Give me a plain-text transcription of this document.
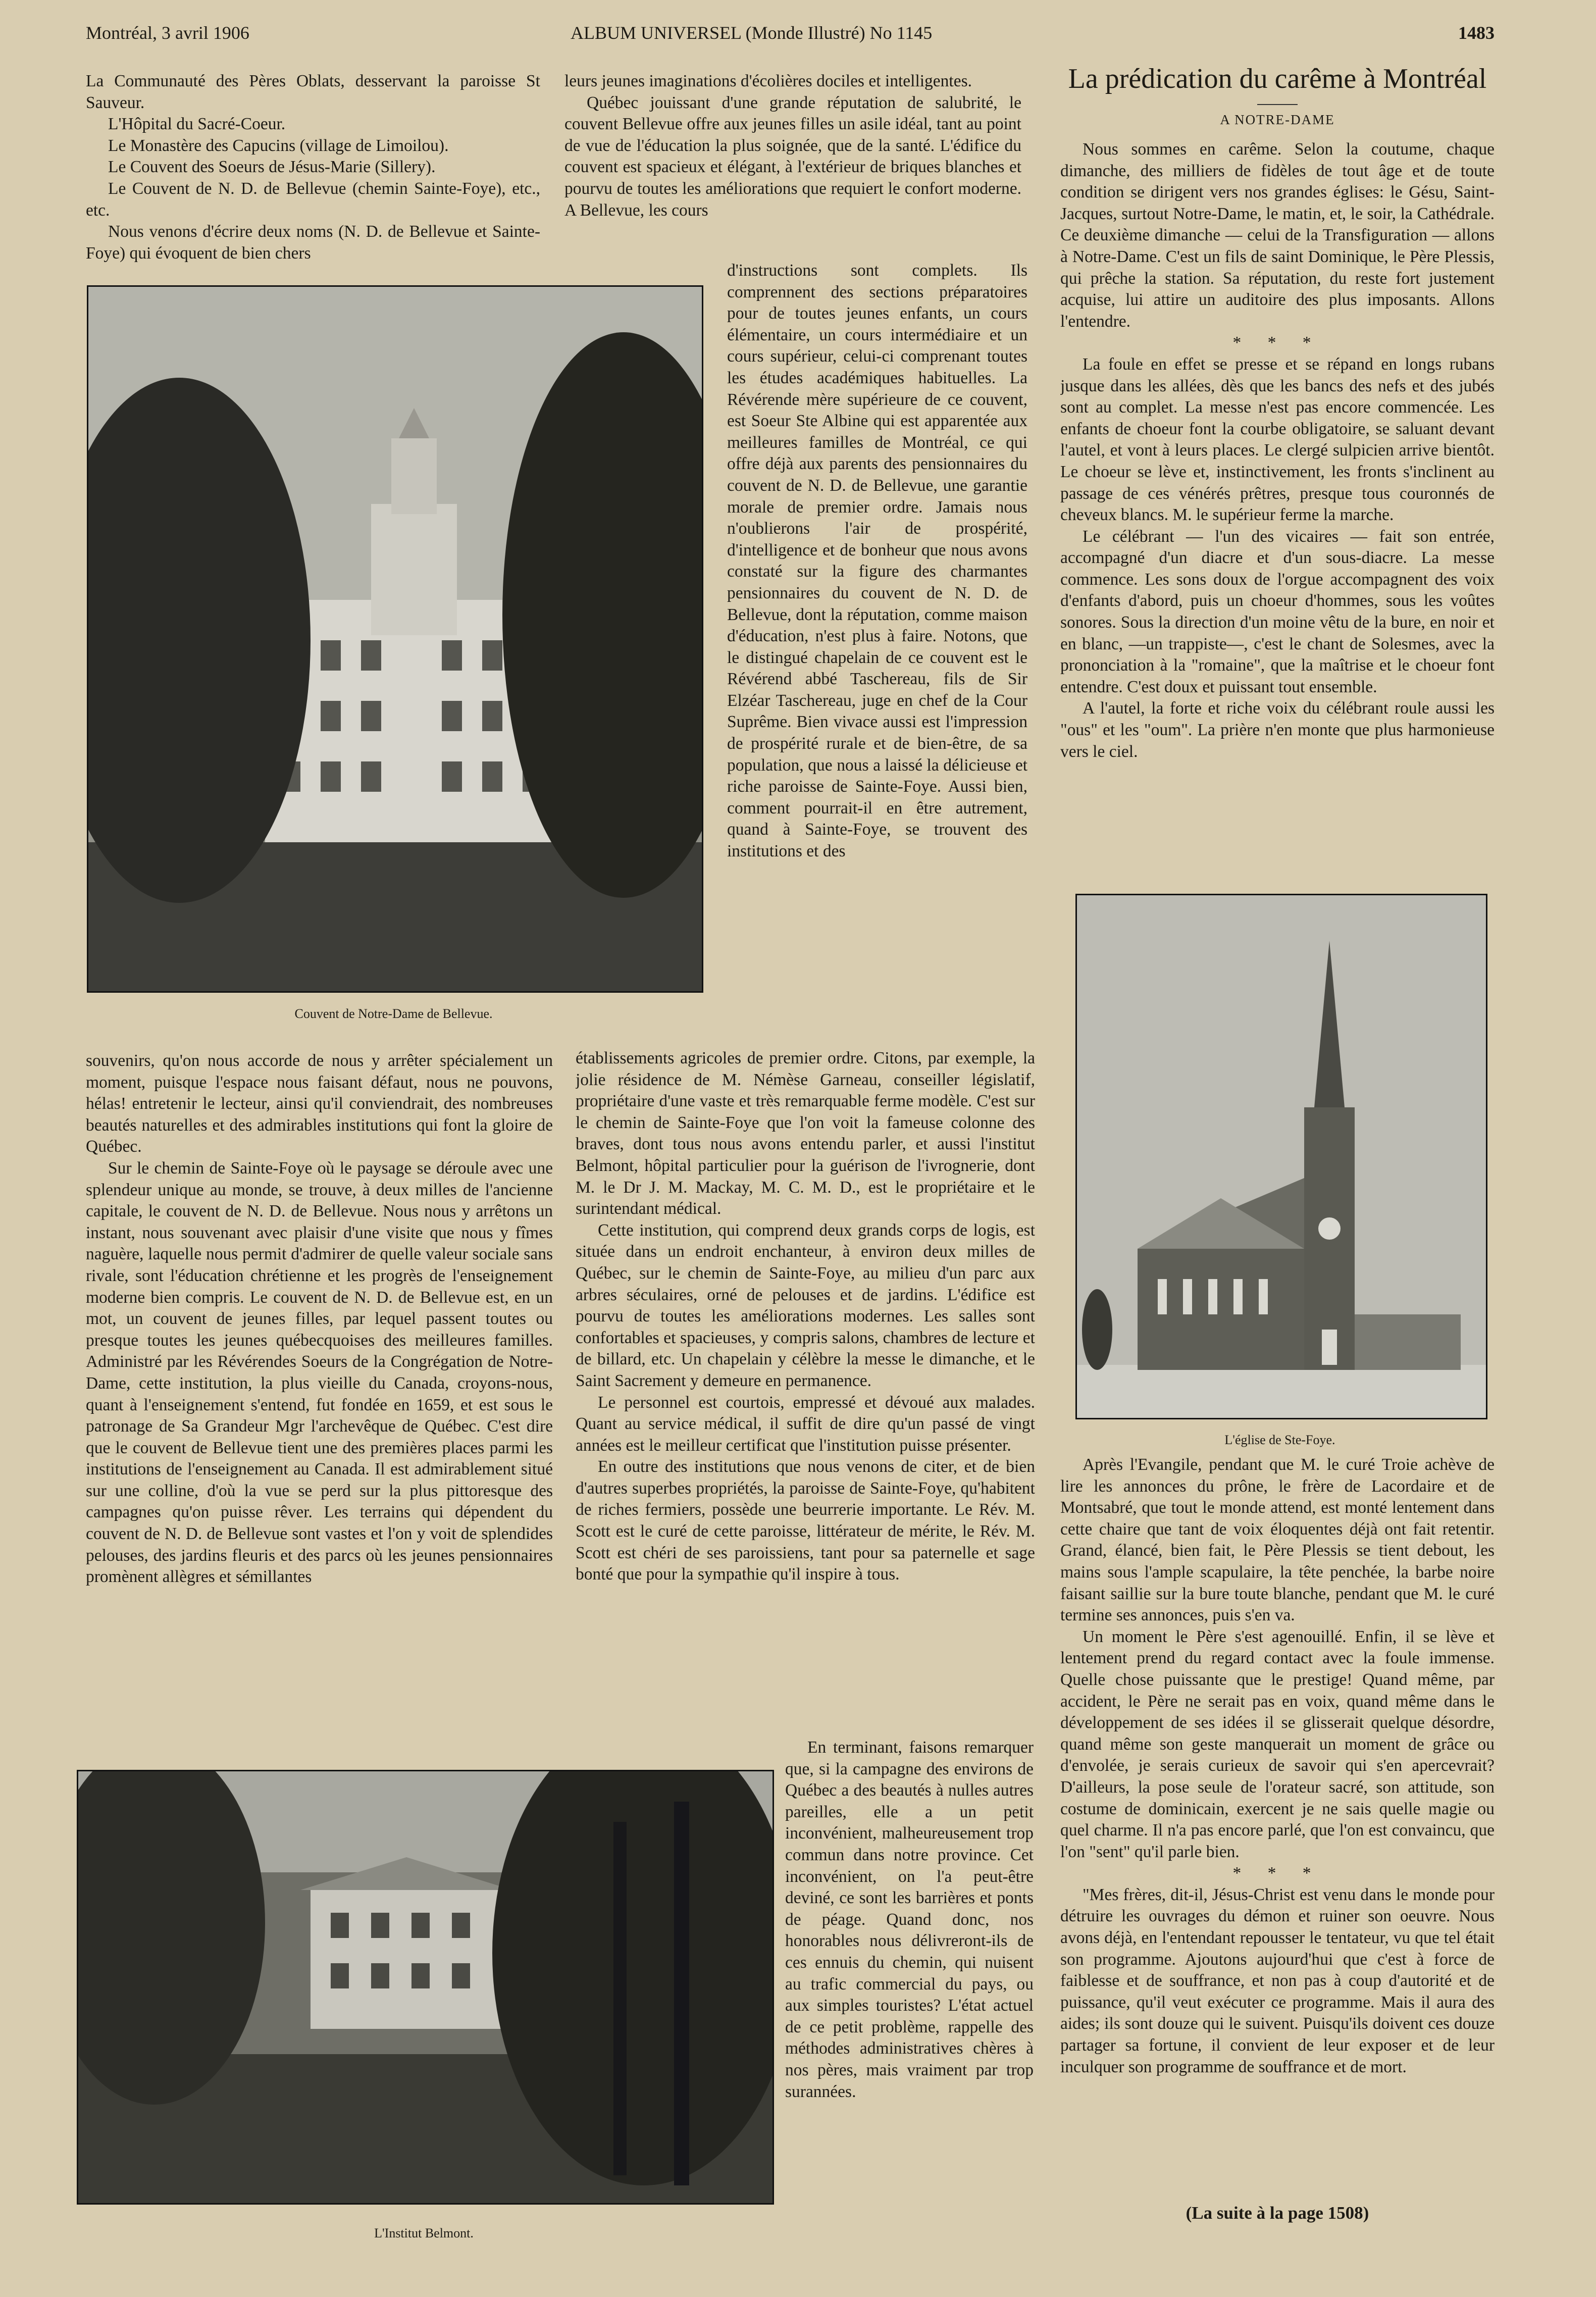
Montréal, 3 avril 1906	ALBUM UNIVERSEL (Monde Illustré) No 1145	1483

La Communauté des Pères Oblats, desservant la paroisse St Sauveur.

L'Hôpital du Sacré-Coeur.

Le Monastère des Capucins (village de Limoilou).

Le Couvent des Soeurs de Jésus-Marie (Sillery).

Le Couvent de N. D. de Bellevue (chemin Sainte-Foye), etc., etc.

Nous venons d'écrire deux noms (N. D. de Bellevue et Sainte-Foye) qui évoquent de bien chers

leurs jeunes imaginations d'écolières dociles et intelligentes.

Québec jouissant d'une grande réputation de salubrité, le couvent Bellevue offre aux jeunes filles un asile idéal, tant au point de vue de l'éducation la plus soignée, que de la santé. L'édifice du couvent est spacieux et élégant, à l'extérieur de briques blanches et pourvu de toutes les améliorations que requiert le confort moderne. A Bellevue, les cours

Couvent de Notre-Dame de Bellevue.

d'instructions sont complets. Ils comprennent des sections préparatoires pour de toutes jeunes enfants, un cours élémentaire, un cours intermédiaire et un cours supérieur, celui-ci comprenant toutes les études académiques habituelles. La Révérende mère supérieure de ce couvent, est Soeur Ste Albine qui est apparentée aux meilleures familles de Montréal, ce qui offre déjà aux parents des pensionnaires du couvent de N. D. de Bellevue, une garantie morale de premier ordre. Jamais nous n'oublierons l'air de prospérité, d'intelligence et de bonheur que nous avons constaté sur la figure des charmantes pensionnaires du couvent de N. D. de Bellevue, dont la réputation, comme maison d'éducation, n'est plus à faire. Notons, que le distingué chapelain de ce couvent est le Révérend abbé Taschereau, fils de Sir Elzéar Taschereau, juge en chef de la Cour Suprême. Bien vivace aussi est l'impression de prospérité rurale et de bien-être, de sa population, que nous a laissé la délicieuse et riche paroisse de Sainte-Foye. Aussi bien, comment pourrait-il en être autrement, quand à Sainte-Foye, se trouvent des institutions et des

souvenirs, qu'on nous accorde de nous y arrêter spécialement un moment, puisque l'espace nous faisant défaut, nous ne pouvons, hélas! entretenir le lecteur, ainsi qu'il conviendrait, des nombreuses beautés naturelles et des admirables institutions qui font la gloire de Québec.

Sur le chemin de Sainte-Foye où le paysage se déroule avec une splendeur unique au monde, se trouve, à deux milles de l'ancienne capitale, le couvent de N. D. de Bellevue. Nous nous y arrêtons un instant, nous souvenant avec plaisir d'une visite que nous y fîmes naguère, laquelle nous permit d'admirer de quelle valeur sociale sans rivale, sont l'éducation chrétienne et les progrès de l'enseignement moderne bien compris. Le couvent de N. D. de Bellevue est, en un mot, un couvent de jeunes filles, par lequel passent toutes ou presque toutes les jeunes québecquoises des meilleures familles. Administré par les Révérendes Soeurs de la Congrégation de Notre-Dame, cette institution, la plus vieille du Canada, croyons-nous, quant à l'enseignement s'entend, fut fondée en 1659, et est sous le patronage de Sa Grandeur Mgr l'archevêque de Québec. C'est dire que le couvent de Bellevue tient une des premières places parmi les institutions de l'enseignement au Canada. Il est admirablement situé sur une colline, d'où la vue se perd sur la plus pittoresque des campagnes qu'on puisse rêver. Les terrains qui dépendent du couvent de N. D. de Bellevue sont vastes et l'on y voit de splendides pelouses, des jardins fleuris et des parcs où les jeunes pensionnaires promènent allègres et sémillantes

établissements agricoles de premier ordre. Citons, par exemple, la jolie résidence de M. Némèse Garneau, conseiller législatif, propriétaire d'une vaste et très remarquable ferme modèle. C'est sur le chemin de Sainte-Foye que l'on voit la fameuse colonne des braves, dont tous nous avons entendu parler, et aussi l'institut Belmont, hôpital particulier pour la guérison de l'ivrognerie, dont M. le Dr J. M. Mackay, M. C. M. D., est le propriétaire et le surintendant médical.

Cette institution, qui comprend deux grands corps de logis, est située dans un endroit enchanteur, à environ deux milles de Québec, sur le chemin de Sainte-Foye, au milieu d'un parc aux arbres séculaires, orné de pelouses et de jardins. L'édifice est pourvu de toutes les améliorations modernes. Les salles sont confortables et spacieuses, y compris salons, chambres de lecture et de billard, etc. Un chapelain y célèbre la messe le dimanche, et le Saint Sacrement y demeure en permanence.

Le personnel est courtois, empressé et dévoué aux malades. Quant au service médical, il suffit de dire qu'un passé de vingt années est le meilleur certificat que l'institution puisse présenter.

En outre des institutions que nous venons de citer, et de bien d'autres superbes propriétés, la paroisse de Sainte-Foye, qu'habitent de riches fermiers, possède une beurrerie importante. Le Rév. M. Scott est le curé de cette paroisse, littérateur de mérite, le Rév. M. Scott est chéri de ses paroissiens, tant pour sa paternelle et sage bonté que pour la sympathie qu'il inspire à tous.

L'Institut Belmont.

En terminant, faisons remarquer que, si la campagne des environs de Québec a des beautés à nulles autres pareilles, elle a un petit inconvénient, malheureusement trop commun dans notre province. Cet inconvénient, on l'a peut-être deviné, ce sont les barrières et ponts de péage. Quand donc, nos honorables nous délivreront-ils de ces ennuis du chemin, qui nuisent au trafic commercial du pays, ou aux simples touristes? L'état actuel de ce petit problème, rappelle des méthodes administratives chères à nos pères, mais vraiment par trop surannées.

La prédication du carême à Montréal
A NOTRE-DAME

Nous sommes en carême. Selon la coutume, chaque dimanche, des milliers de fidèles de tout âge et de toute condition se dirigent vers nos grandes églises: le Gésu, Saint-Jacques, surtout Notre-Dame, le matin, et, le soir, la Cathédrale. Ce deuxième dimanche — celui de la Transfiguration — allons à Notre-Dame. C'est un fils de saint Dominique, le Père Plessis, qui prêche la station. Sa réputation, du reste fort justement acquise, lui attire un auditoire des plus imposants. Allons l'entendre.

* * *

La foule en effet se presse et se répand en longs rubans jusque dans les allées, dès que les bancs des nefs et des jubés sont au complet. La messe n'est pas encore commencée. Les enfants de choeur font la courbe obligatoire, se saluant devant l'autel, et vont à leurs places. Le clergé sulpicien arrive bientôt. Le choeur se lève et, instinctivement, les fronts s'inclinent au passage de ces vénérés prêtres, presque tous couronnés de cheveux blancs. M. le supérieur ferme la marche.

Le célébrant — l'un des vicaires — fait son entrée, accompagné d'un diacre et d'un sous-diacre. La messe commence. Les sons doux de l'orgue accompagnent des voix d'enfants d'abord, puis un choeur d'hommes, sous les voûtes sonores. Sous la direction d'un moine vêtu de la bure, en noir et en blanc, —un trappiste—, c'est le chant de Solesmes, avec la prononciation à la "romaine", que la maîtrise et le choeur font entendre. C'est doux et puissant tout ensemble.

A l'autel, la forte et riche voix du célébrant roule aussi les "ous" et les "oum". La prière n'en monte que plus harmonieuse vers le ciel.

L'église de Ste-Foye.

Après l'Evangile, pendant que M. le curé Troie achève de lire les annonces du prône, le frère de Lacordaire et de Montsabré, que tout le monde attend, est monté lentement dans cette chaire que tant de voix éloquentes déjà ont fait retentir. Grand, élancé, bien fait, le Père Plessis se tient debout, les mains sous l'ample scapulaire, la tête penchée, la barbe noire faisant saillie sur la bure toute blanche, pendant que M. le curé termine ses annonces, puis s'en va.

Un moment le Père s'est agenouillé. Enfin, il se lève et lentement prend du regard contact avec la foule immense. Quelle chose puissante que le prestige! Quand même, par accident, le Père ne serait pas en voix, quand même dans le développement de ses idées il se glisserait quelque désordre, quand même son geste manquerait un moment de grâce ou d'envolée, je serais curieux de savoir qui s'en apercevrait? D'ailleurs, la pose seule de l'orateur sacré, son attitude, son costume de dominicain, exercent je ne sais quelle magie ou quel charme. Il n'a pas encore parlé, que l'on est convaincu, que l'on "sent" qu'il parle bien.

* * *

"Mes frères, dit-il, Jésus-Christ est venu dans le monde pour détruire les ouvrages du démon et ruiner son oeuvre. Nous avons déjà, en l'entendant repousser le tentateur, vu que tel était son programme. Ajoutons aujourd'hui que c'est à force de faiblesse et de souffrance, et non pas à coup d'autorité et de puissance, qu'il veut exécuter ce programme. Mais il aura des aides; ils sont douze qui le suivent. Puisqu'ils doivent ces douze partager sa fortune, il convient de leur exposer et de leur inculquer son programme de souffrance et de mort.

(La suite à la page 1508)
